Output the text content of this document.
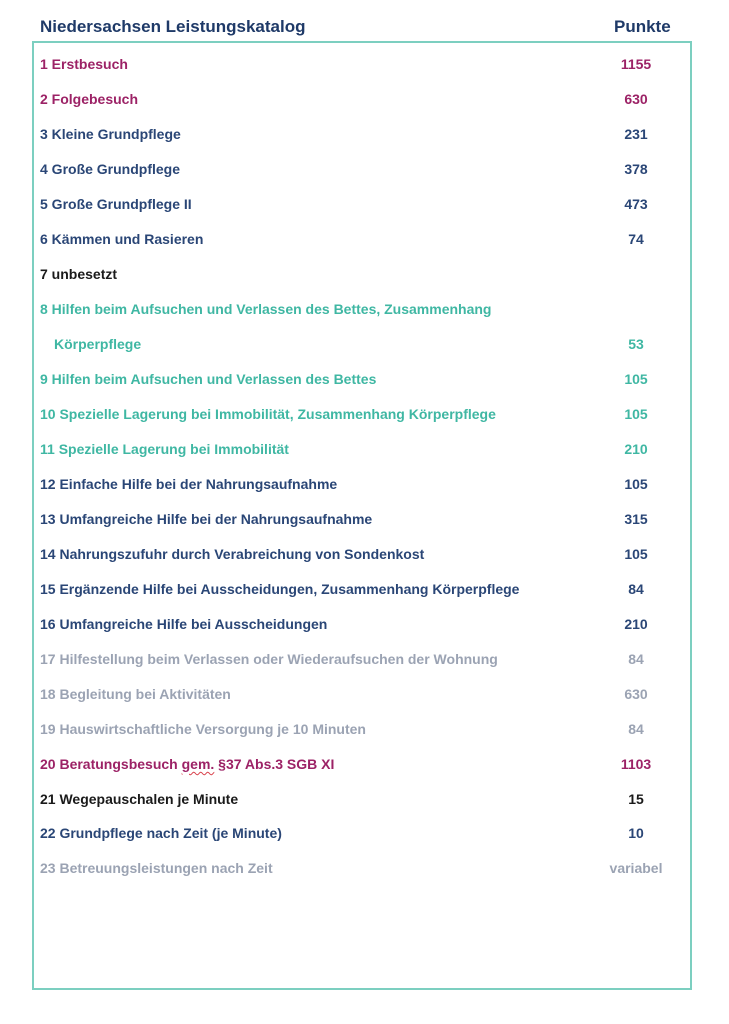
Niedersachsen Leistungskatalog	Punkte
1 Erstbesuch	1155
2 Folgebesuch	630
3 Kleine Grundpflege	231
4 Große Grundpflege	378
5 Große Grundpflege II	473
6 Kämmen und Rasieren	74
7 unbesetzt
8 Hilfen beim Aufsuchen und Verlassen des Bettes, Zusammenhang
Körperpflege	53
9 Hilfen beim Aufsuchen und Verlassen des Bettes	105
10 Spezielle Lagerung bei Immobilität, Zusammenhang Körperpflege	105
11 Spezielle Lagerung bei Immobilität	210
12 Einfache Hilfe bei der Nahrungsaufnahme	105
13 Umfangreiche Hilfe bei der Nahrungsaufnahme	315
14 Nahrungszufuhr durch Verabreichung von Sondenkost	105
15 Ergänzende Hilfe bei Ausscheidungen, Zusammenhang Körperpflege	84
16 Umfangreiche Hilfe bei Ausscheidungen	210
17 Hilfestellung beim Verlassen oder Wiederaufsuchen der Wohnung	84
18 Begleitung bei Aktivitäten	630
19 Hauswirtschaftliche Versorgung je 10 Minuten	84
20 Beratungsbesuch gem. §37 Abs.3 SGB XI	1103
21 Wegepauschalen je Minute	15
22 Grundpflege nach Zeit (je Minute)	10
23 Betreuungsleistungen nach Zeit	variabel
